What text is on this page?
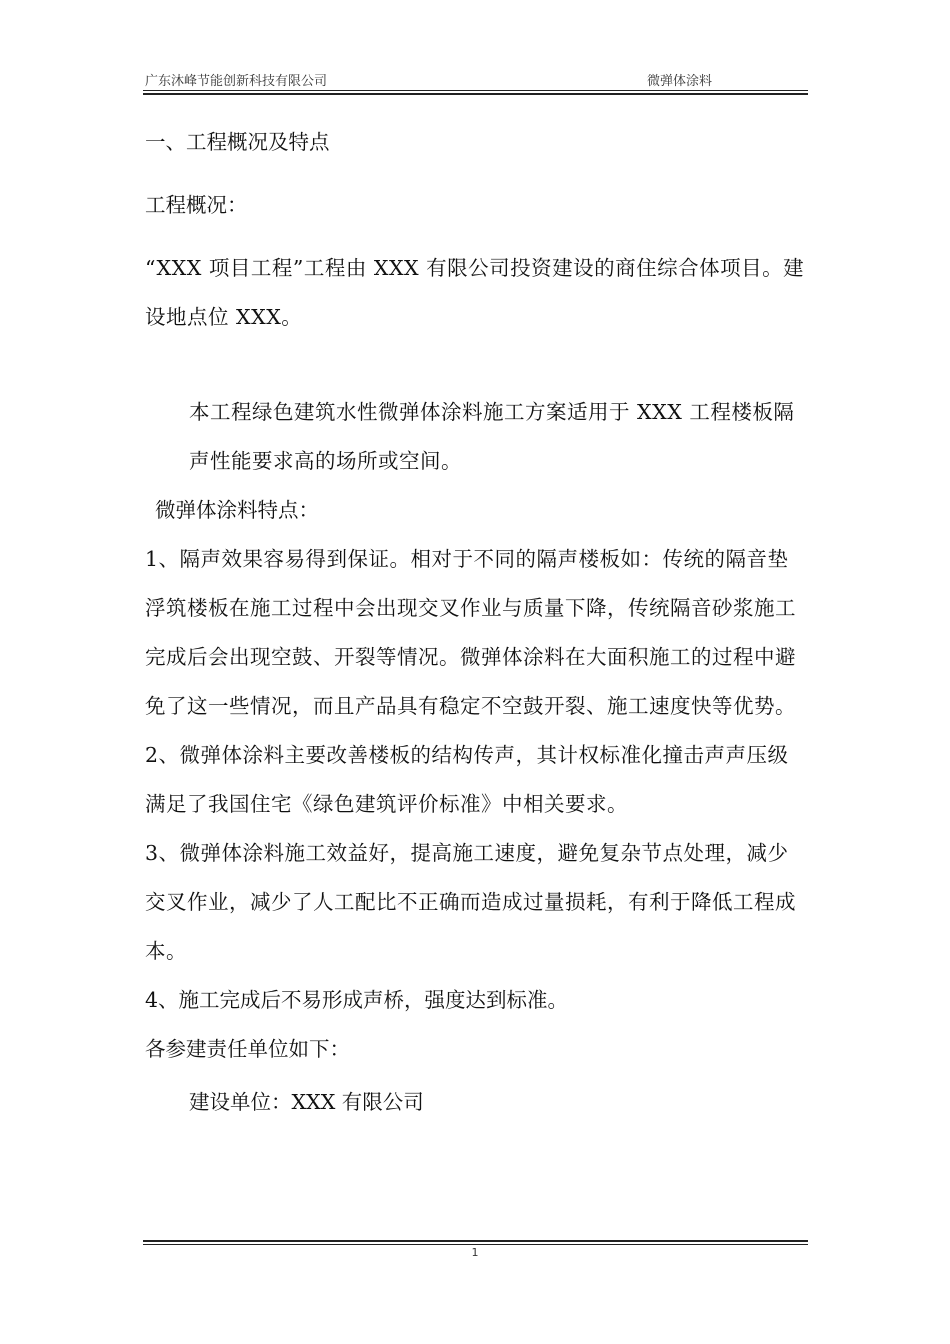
广东沐峰节能创新科技有限公司	微弹体涂料

一、工程概况及特点

工程概况：

“XXX 项目工程”工程由 XXX 有限公司投资建设的商住综合体项目。建设地点位 XXX。

本工程绿色建筑水性微弹体涂料施工方案适用于 XXX 工程楼板隔声性能要求高的场所或空间。

微弹体涂料特点：

1、隔声效果容易得到保证。相对于不同的隔声楼板如：传统的隔音垫浮筑楼板在施工过程中会出现交叉作业与质量下降，传统隔音砂浆施工完成后会出现空鼓、开裂等情况。微弹体涂料在大面积施工的过程中避免了这一些情况，而且产品具有稳定不空鼓开裂、施工速度快等优势。

2、微弹体涂料主要改善楼板的结构传声，其计权标准化撞击声声压级满足了我国住宅《绿色建筑评价标准》中相关要求。

3、微弹体涂料施工效益好，提高施工速度，避免复杂节点处理，减少交叉作业，减少了人工配比不正确而造成过量损耗，有利于降低工程成本。

4、施工完成后不易形成声桥，强度达到标准。

各参建责任单位如下：

建设单位：XXX 有限公司

1
